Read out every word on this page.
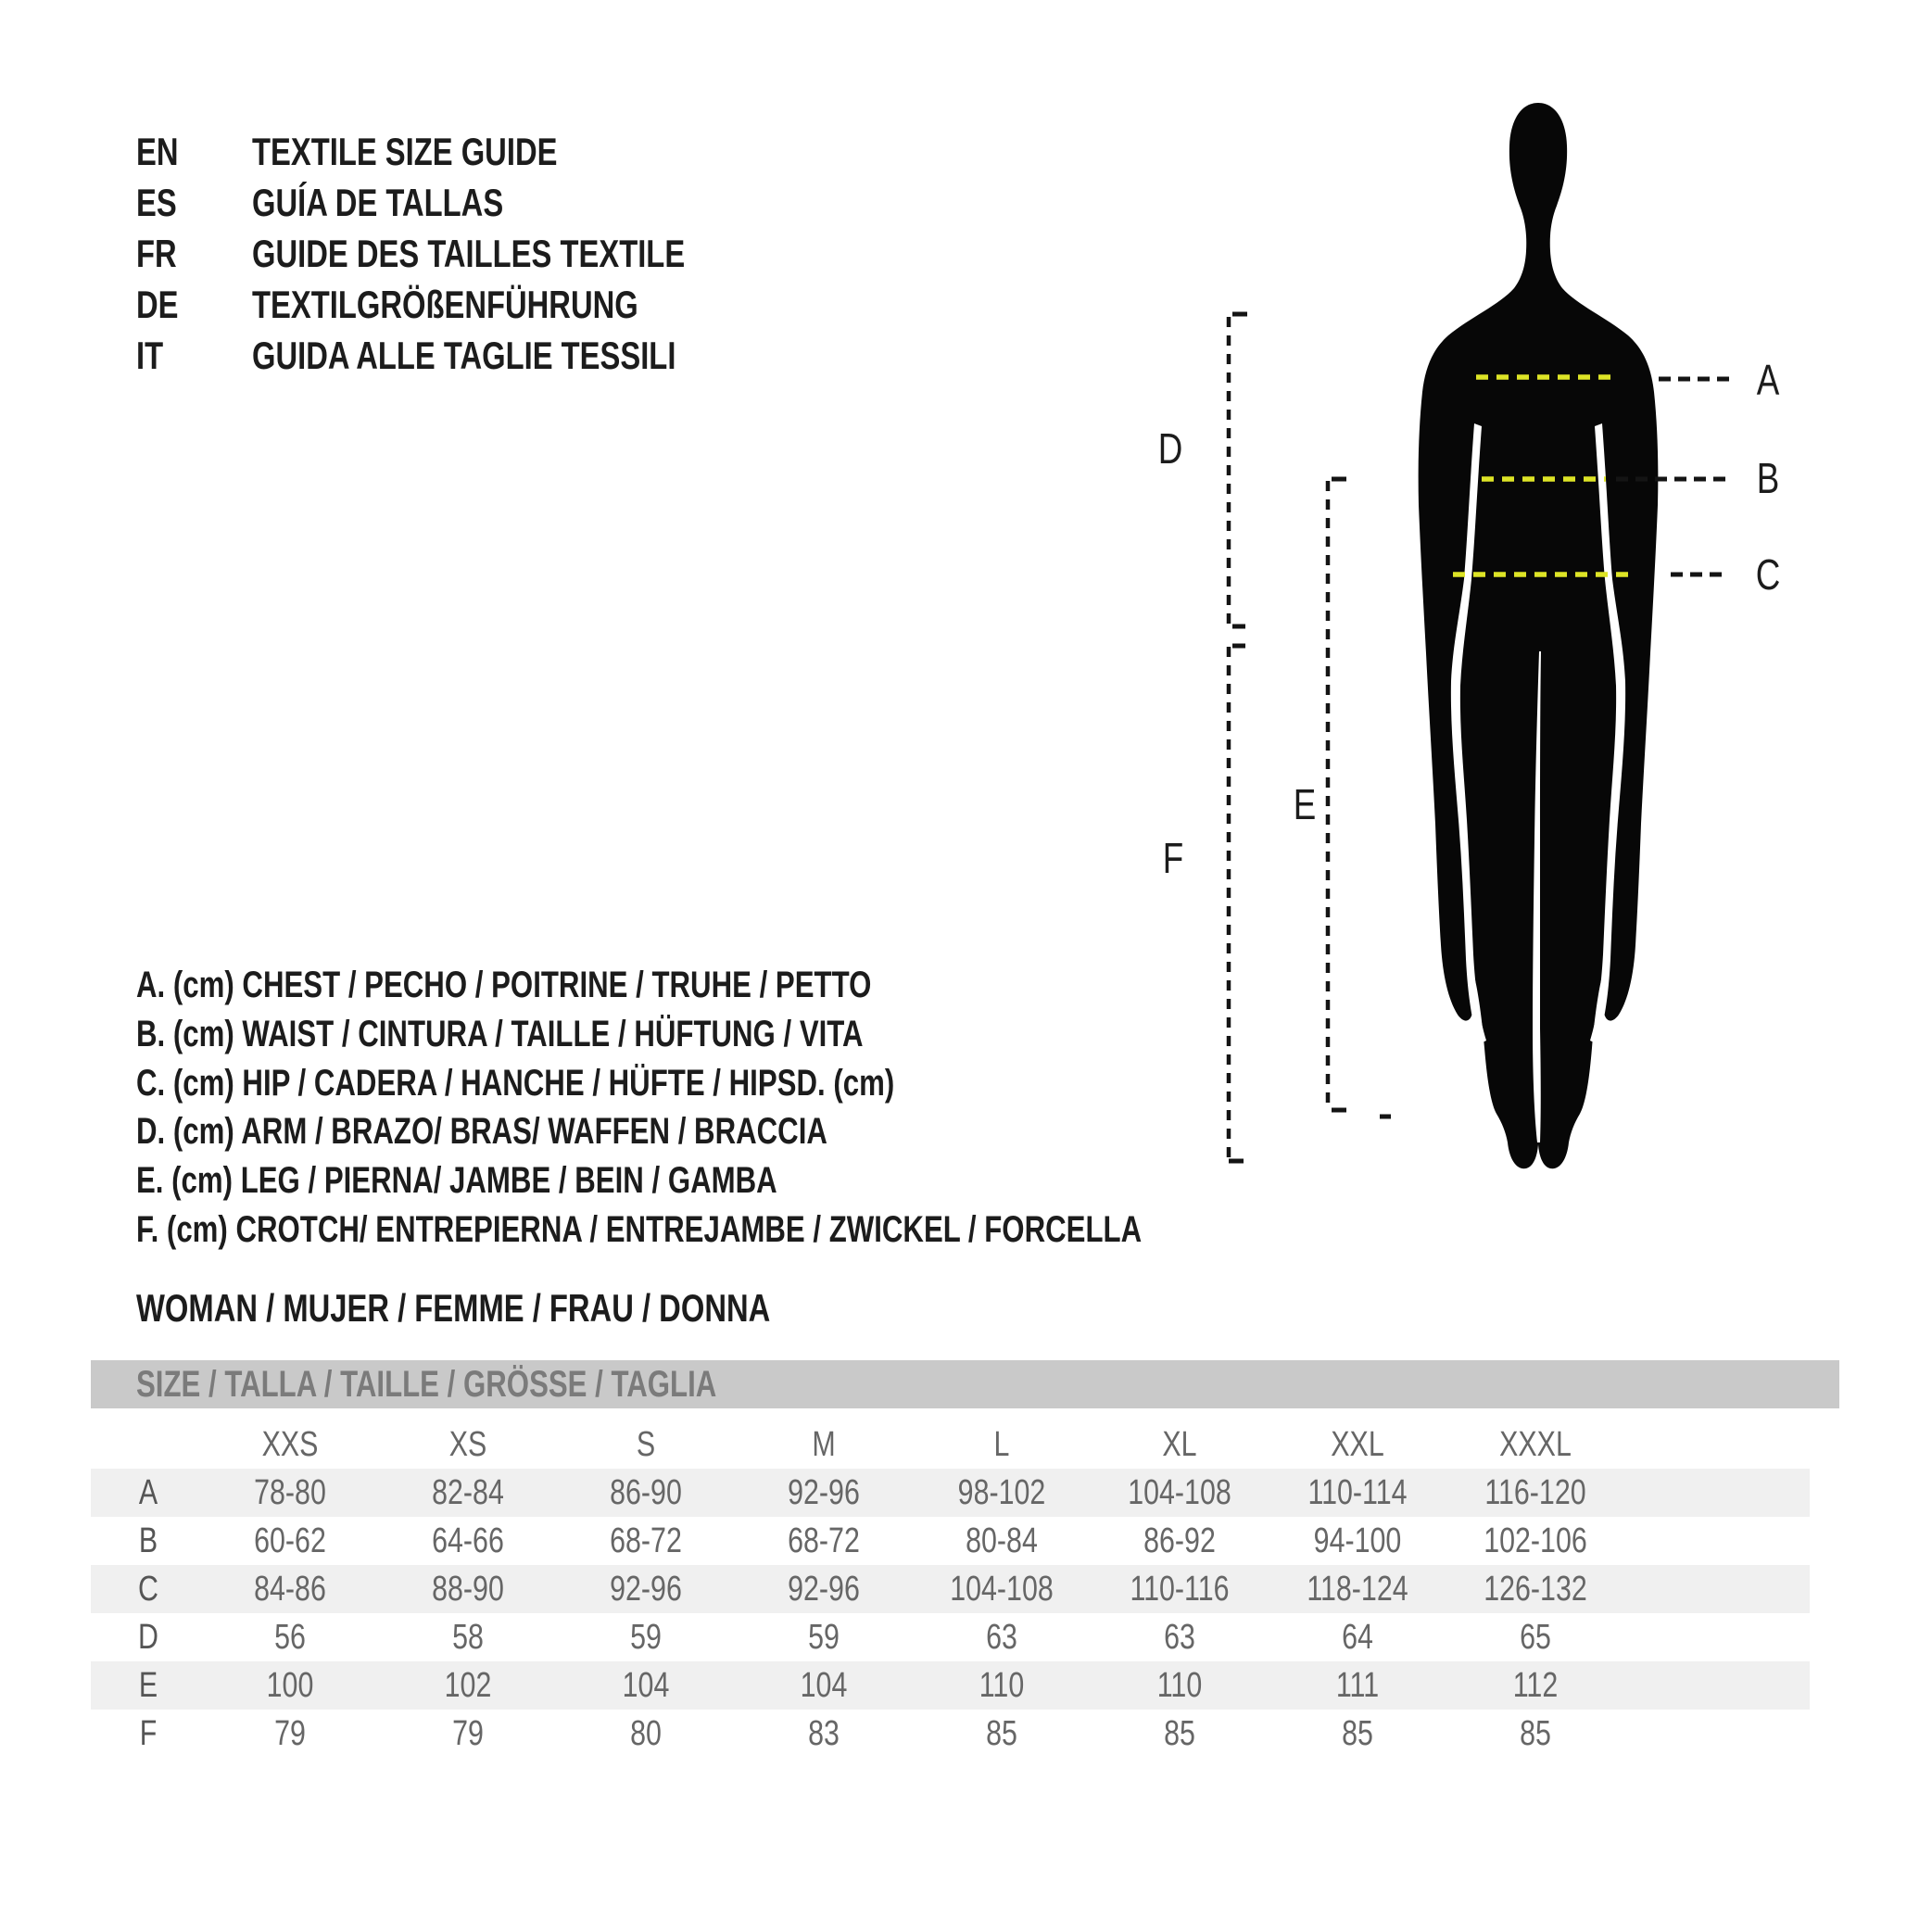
EN	TEXTILE SIZE GUIDE
ES	GUÍA DE TALLAS
FR	GUIDE DES TAILLES TEXTILE
DE	TEXTILGRÖßENFÜHRUNG
IT	GUIDA ALLE TAGLIE TESSILI
A
B
C
D
E
F
A. (cm) CHEST / PECHO / POITRINE / TRUHE / PETTO
B. (cm) WAIST / CINTURA / TAILLE / HÜFTUNG / VITA
C. (cm) HIP / CADERA / HANCHE / HÜFTE / HIPSD. (cm)
D. (cm) ARM / BRAZO/ BRAS/ WAFFEN / BRACCIA
E. (cm) LEG / PIERNA/ JAMBE / BEIN / GAMBA
F. (cm) CROTCH/ ENTREPIERNA / ENTREJAMBE / ZWICKEL / FORCELLA
WOMAN / MUJER / FEMME / FRAU / DONNA
SIZE / TALLA / TAILLE / GRÖSSE / TAGLIA
XXS	XS	S	M	L	XL	XXL	XXXL
A	78-80	82-84	86-90	92-96	98-102 104-108 110-114 116-120
B	60-62	64-66	68-72	68-72	80-84	86-92	94-100 102-106
C	84-86	88-90	92-96	92-96	104-108 110-116 118-124 126-132
D	56	58	59	59	63	63	64	65
E	100	102	104	104	110	110	111	112
F	79	79	80	83	85	85	85	85
